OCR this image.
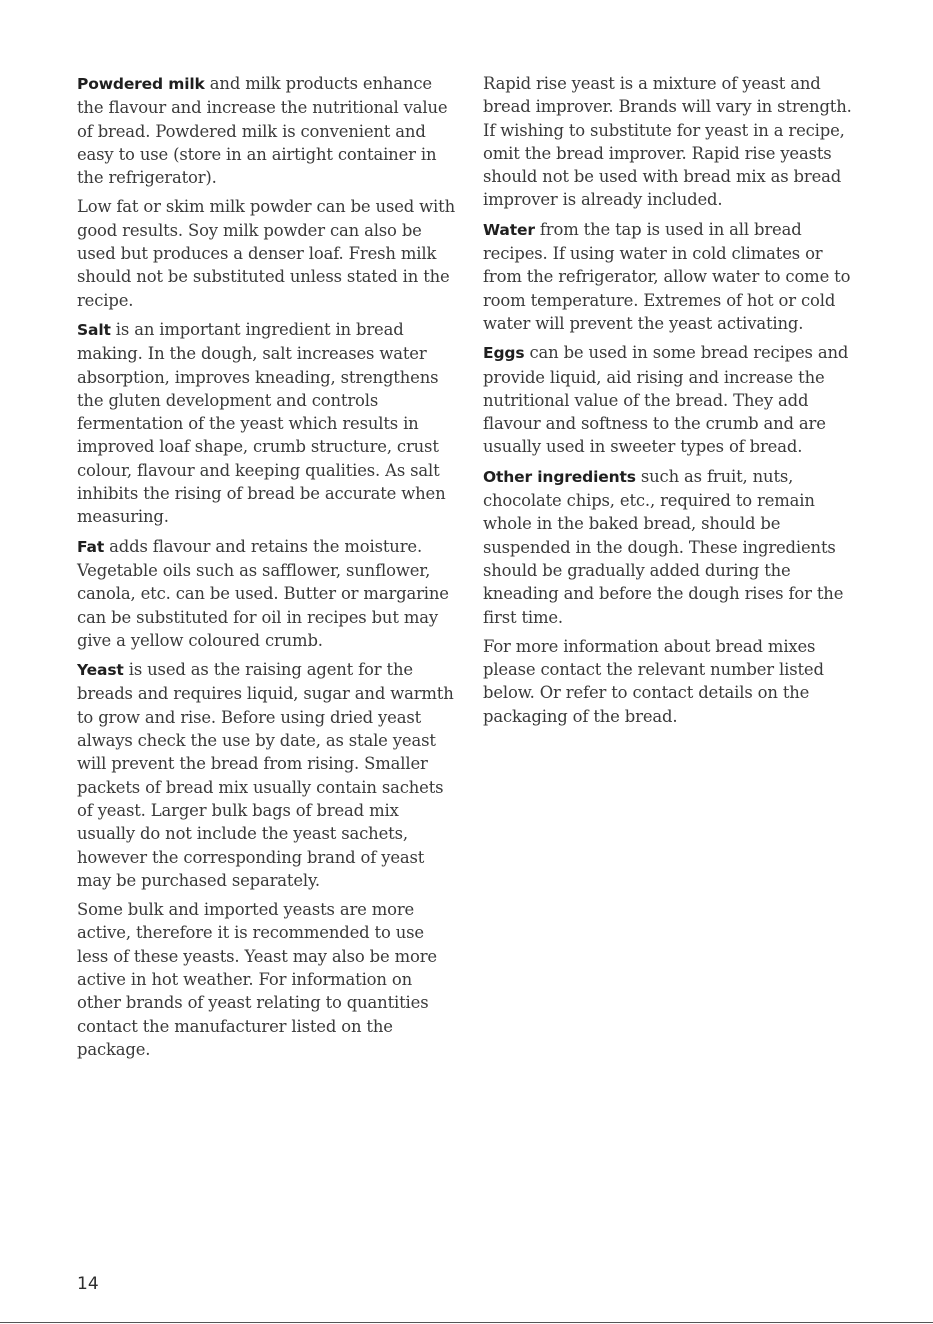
Powdered milk and milk products enhance the flavour and increase the nutritional value of bread. Powdered milk is convenient and easy to use (store in an airtight container in the refrigerator).

Low fat or skim milk powder can be used with good results. Soy milk powder can also be used but produces a denser loaf. Fresh milk should not be substituted unless stated in the recipe.

Salt is an important ingredient in bread making. In the dough, salt increases water absorption, improves kneading, strengthens the gluten development and controls fermentation of the yeast which results in improved loaf shape, crumb structure, crust colour, flavour and keeping qualities. As salt inhibits the rising of bread be accurate when measuring.

Fat adds flavour and retains the moisture. Vegetable oils such as safflower, sunflower, canola, etc. can be used. Butter or margarine can be substituted for oil in recipes but may give a yellow coloured crumb.

Yeast is used as the raising agent for the breads and requires liquid, sugar and warmth to grow and rise. Before using dried yeast always check the use by date, as stale yeast will prevent the bread from rising. Smaller packets of bread mix usually contain sachets of yeast. Larger bulk bags of bread mix usually do not include the yeast sachets, however the corresponding brand of yeast may be purchased separately.

Some bulk and imported yeasts are more active, therefore it is recommended to use less of these yeasts. Yeast may also be more active in hot weather. For information on other brands of yeast relating to quantities contact the manufacturer listed on the package.

Rapid rise yeast is a mixture of yeast and bread improver. Brands will vary in strength. If wishing to substitute for yeast in a recipe, omit the bread improver. Rapid rise yeasts should not be used with bread mix as bread improver is already included.

Water from the tap is used in all bread recipes. If using water in cold climates or from the refrigerator, allow water to come to room temperature. Extremes of hot or cold water will prevent the yeast activating.

Eggs can be used in some bread recipes and provide liquid, aid rising and increase the nutritional value of the bread. They add flavour and softness to the crumb and are usually used in sweeter types of bread.

Other ingredients such as fruit, nuts, chocolate chips, etc., required to remain whole in the baked bread, should be suspended in the dough. These ingredients should be gradually added during the kneading and before the dough rises for the first time.

For more information about bread mixes please contact the relevant number listed below. Or refer to contact details on the packaging of the bread.

14
